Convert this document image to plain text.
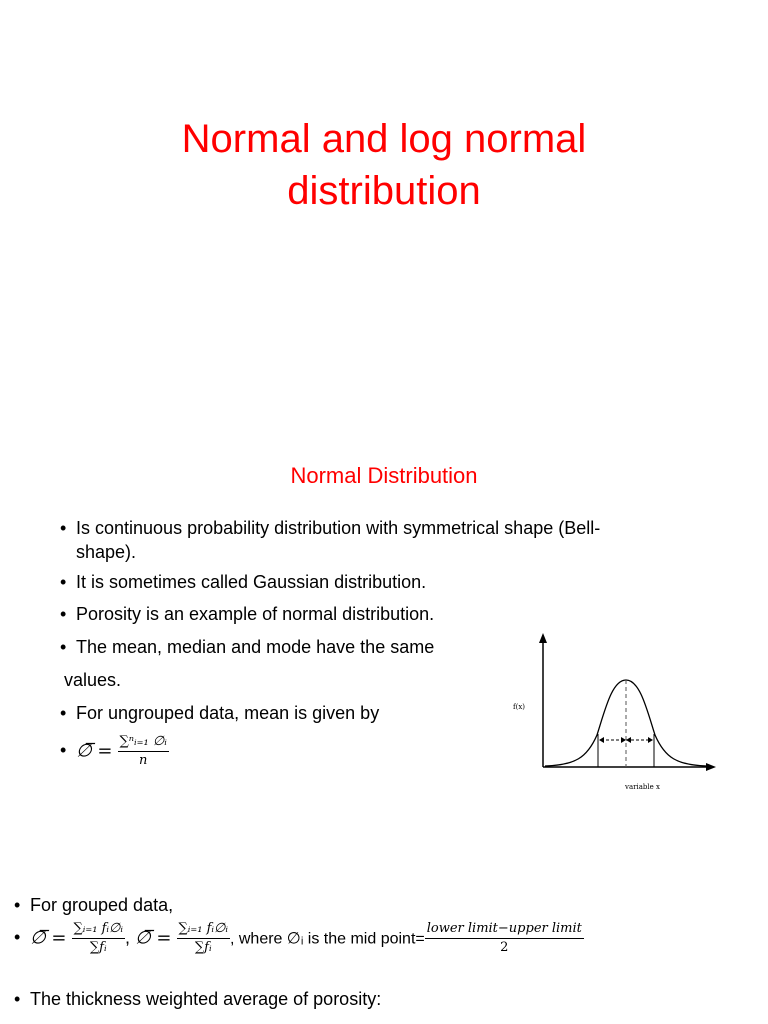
Normal and log normal
distribution
Normal Distribution
• Is continuous probability distribution with symmetrical shape (Bell-
shape).
• It is sometimes called Gaussian distribution.
• Porosity is an example of normal distribution.
• The mean, median and mode have the same
values.
• For ungrouped data, mean is given by
• ∅̅ = $\frac{\text{∑ⁿᵢ₌₁ ∅ᵢ}}{n}$
f(x)
variable x
• For grouped data,
• ∅̅ = $\frac{\text{∑ᵢ₌₁ fᵢ∅ᵢ}}{\text{∑fᵢ}}$ , ∅̅ = $\frac{\text{∑ᵢ₌₁ fᵢ∅ᵢ}}{\text{∑fᵢ}}$ , where ∅ᵢ is the mid point= $\frac{\text{lower limit−upper limit}}{2}$
• The thickness weighted average of porosity:
